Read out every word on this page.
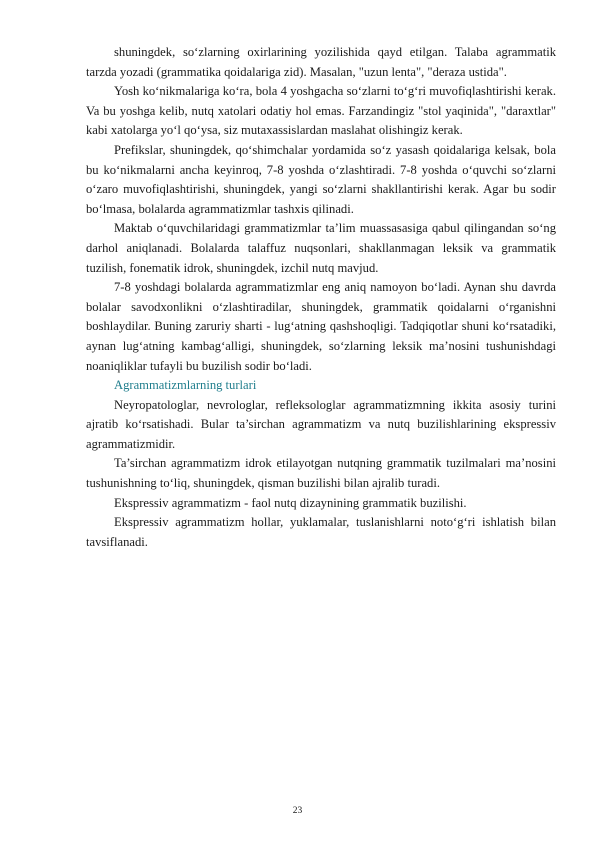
shuningdek, so‘zlarning oxirlarining yozilishida qayd etilgan. Talaba agrammatik tarzda yozadi (grammatika qoidalariga zid). Masalan, "uzun lenta", "deraza ustida".

Yosh ko‘nikmalariga ko‘ra, bola 4 yoshgacha so‘zlarni to‘g‘ri muvofiqlashtirishi kerak. Va bu yoshga kelib, nutq xatolari odatiy hol emas. Farzandingiz "stol yaqinida", "daraxtlar" kabi xatolarga yo‘l qo‘ysa, siz mutaxassislardan maslahat olishingiz kerak.

Prefikslar, shuningdek, qo‘shimchalar yordamida so‘z yasash qoidalariga kelsak, bola bu ko‘nikmalarni ancha keyinroq, 7-8 yoshda o‘zlashtiradi. 7-8 yoshda o‘quvchi so‘zlarni o‘zaro muvofiqlashtirishi, shuningdek, yangi so‘zlarni shakllantirishi kerak. Agar bu sodir bo‘lmasa, bolalarda agrammatizmlar tashxis qilinadi.

Maktab o‘quvchilaridagi grammatizmlar ta’lim muassasasiga qabul qilingandan so‘ng darhol aniqlanadi. Bolalarda talaffuz nuqsonlari, shakllanmagan leksik va grammatik tuzilish, fonematik idrok, shuningdek, izchil nutq mavjud.

7-8 yoshdagi bolalarda agrammatizmlar eng aniq namoyon bo‘ladi. Aynan shu davrda bolalar savodxonlikni o‘zlashtiradilar, shuningdek, grammatik qoidalarni o‘rganishni boshlaydilar. Buning zaruriy sharti - lug‘atning qashshoqligi. Tadqiqotlar shuni ko‘rsatadiki, aynan lug‘atning kambag‘alligi, shuningdek, so‘zlarning leksik ma’nosini tushunishdagi noaniqliklar tufayli bu buzilish sodir bo‘ladi.

Agrammatizmlarning turlari

Neyropatologlar, nevrologlar, refleksologlar agrammatizmning ikkita asosiy turini ajratib ko‘rsatishadi. Bular ta’sirchan agrammatizm va nutq buzilishlarining ekspressiv agrammatizmidir.

Ta’sirchan agrammatizm idrok etilayotgan nutqning grammatik tuzilmalari ma’nosini tushunishning to‘liq, shuningdek, qisman buzilishi bilan ajralib turadi.

Ekspressiv agrammatizm - faol nutq dizaynining grammatik buzilishi.

Ekspressiv agrammatizm hollar, yuklamalar, tuslanishlarni noto‘g‘ri ishlatish bilan tavsiflanadi.

23
